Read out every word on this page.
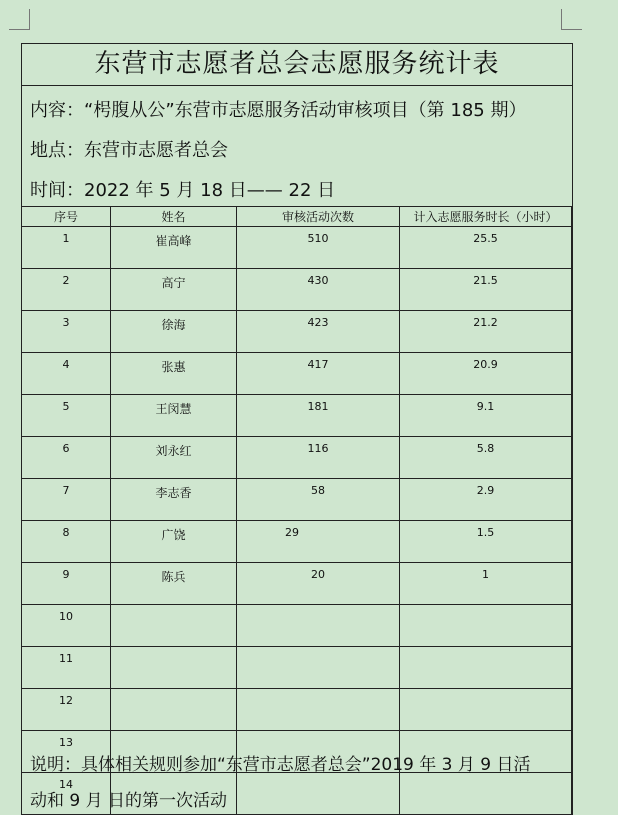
东营市志愿者总会志愿服务统计表
内容：“枵腹从公”东营市志愿服务活动审核项目（第 185 期）
地点：东营市志愿者总会
时间：2022 年 5 月 18 日—— 22 日
序号	姓名	审核活动次数	计入志愿服务时长（小时）
1	崔高峰	510	25.5
2	高宁	430	21.5
3	徐海	423	21.2
4	张惠	417	20.9
5	王闵慧	181	9.1
6	刘永红	116	5.8
7	李志香	58	2.9
8	广饶	29	1.5
9	陈兵	20	1
10			
11			
12			
13			
14			
说明：具体相关规则参加“东营市志愿者总会”2019 年 3 月 9 日活
动和 9 月 日的第一次活动
